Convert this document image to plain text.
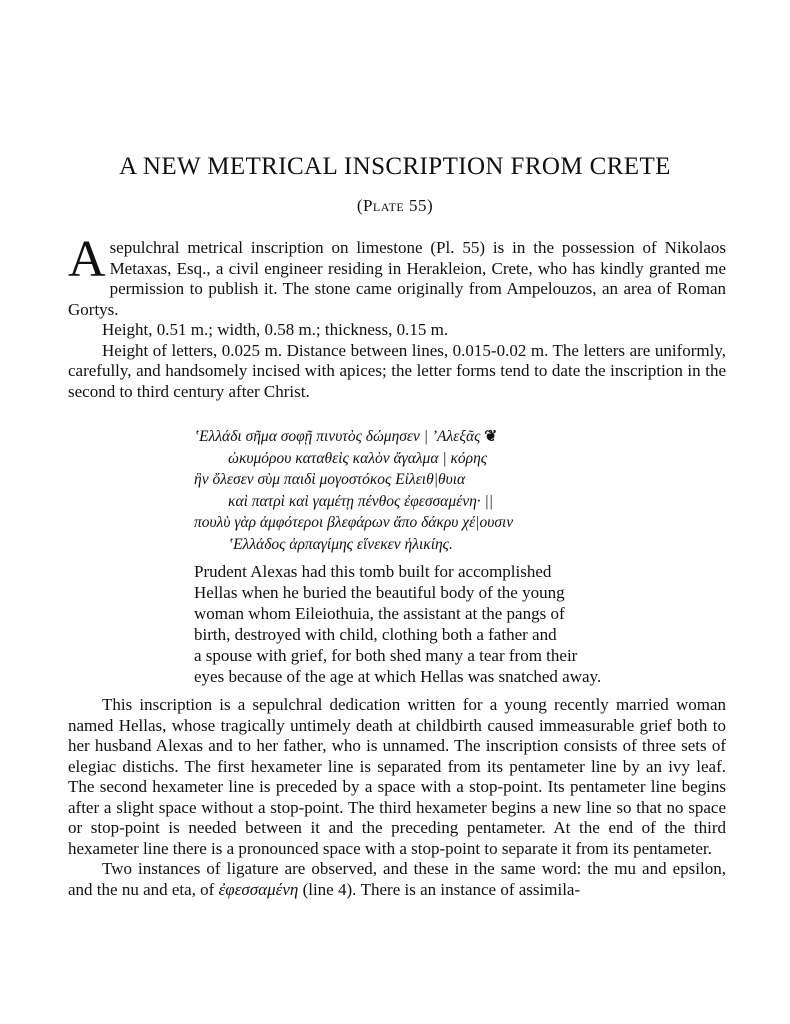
A NEW METRICAL INSCRIPTION FROM CRETE
(Plate 55)

Asepulchral metrical inscription on limestone (Pl. 55) is in the possession of Nikolaos Metaxas, Esq., a civil engineer residing in Herakleion, Crete, who has kindly granted me permission to publish it. The stone came originally from Ampelouzos, an area of Roman Gortys.

Height, 0.51 m.; width, 0.58 m.; thickness, 0.15 m.

Height of letters, 0.025 m. Distance between lines, 0.015-0.02 m. The letters are uniformly, carefully, and handsomely incised with apices; the letter forms tend to date the inscription in the second to third century after Christ.

ʽΕλλάδι σῆμα σοφῇ πινυτὸς δώμησεν | ʼΑλεξᾶς ❦
ὠκυμόρου καταθεὶς καλὸν ἄγαλμα | κόρης
ἣν ὄλεσεν σὺμ παιδὶ μογοστόκος Εἰλειθ|θυια
καὶ πατρὶ καὶ γαμέτῃ πένθος ἐφεσσαμένη· ||
πουλὺ γὰρ ἀμφότεροι βλεφάρων ἄπο δάκρυ χέ|ουσιν
ʽΕλλάδος ἁρπαγίμης εἵνεκεν ἡλικίης.
Prudent Alexas had this tomb built for accomplished
Hellas when he buried the beautiful body of the young
woman whom Eileiothuia, the assistant at the pangs of
birth, destroyed with child, clothing both a father and
a spouse with grief, for both shed many a tear from their
eyes because of the age at which Hellas was snatched away.

This inscription is a sepulchral dedication written for a young recently married woman named Hellas, whose tragically untimely death at childbirth caused immeasurable grief both to her husband Alexas and to her father, who is unnamed. The inscription consists of three sets of elegiac distichs. The first hexameter line is separated from its pentameter line by an ivy leaf. The second hexameter line is preceded by a space with a stop-point. Its pentameter line begins after a slight space without a stop-point. The third hexameter begins a new line so that no space or stop-point is needed between it and the preceding pentameter. At the end of the third hexameter line there is a pronounced space with a stop-point to separate it from its pentameter.

Two instances of ligature are observed, and these in the same word: the mu and epsilon, and the nu and eta, of ἐφεσσαμένη (line 4). There is an instance of assimila-
